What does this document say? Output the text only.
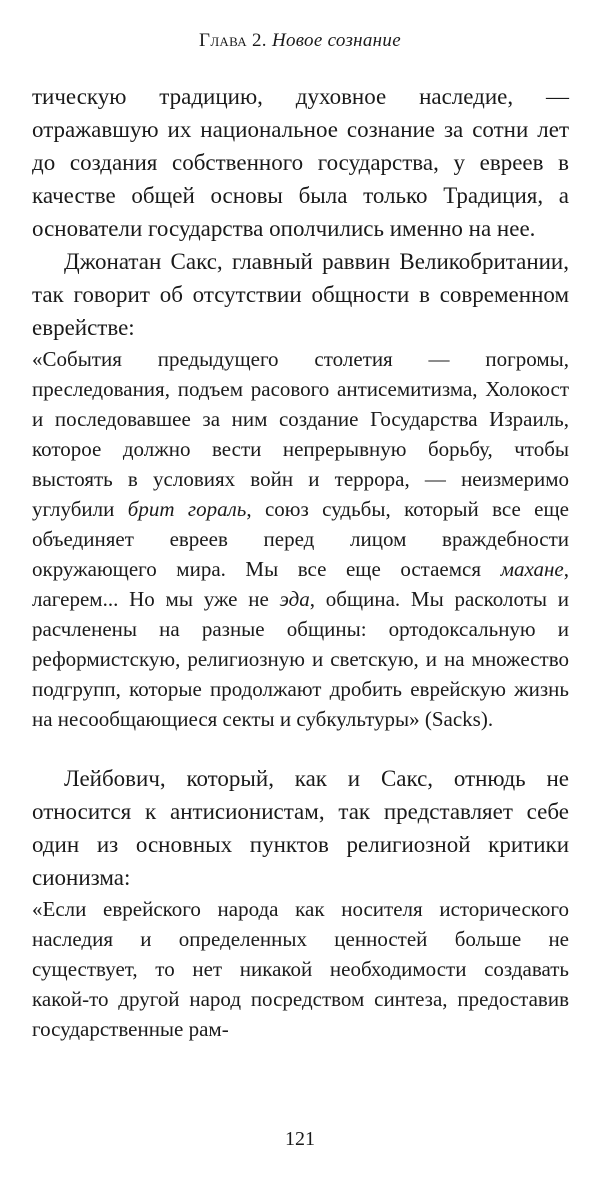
Глава 2. Новое сознание

тическую традицию, духовное наследие, — отражавшую их национальное сознание за сотни лет до создания собственного государства, у евреев в качестве общей основы была только Традиция, а основатели государства ополчились именно на нее.

Джонатан Сакс, главный раввин Великобритании, так говорит об отсутствии общности в современном еврействе:

«События предыдущего столетия — погромы, преследования, подъем расового антисемитизма, Холокост и последовавшее за ним создание Государства Израиль, которое должно вести непрерывную борьбу, чтобы выстоять в условиях войн и террора, — неизмеримо углубили брит гораль, союз судьбы, который все еще объединяет евреев перед лицом враждебности окружающего мира. Мы все еще остаемся махане, лагерем... Но мы уже не эда, община. Мы расколоты и расчленены на разные общины: ортодоксальную и реформистскую, религиозную и светскую, и на множество подгрупп, которые продолжают дробить еврейскую жизнь на несообщающиеся секты и субкультуры» (Sacks).

Лейбович, который, как и Сакс, отнюдь не относится к антисионистам, так представляет себе один из основных пунктов религиозной критики сионизма:

«Если еврейского народа как носителя исторического наследия и определенных ценностей больше не существует, то нет никакой необходимости создавать какой-то другой народ посредством синтеза, предоставив государственные рам-

121
